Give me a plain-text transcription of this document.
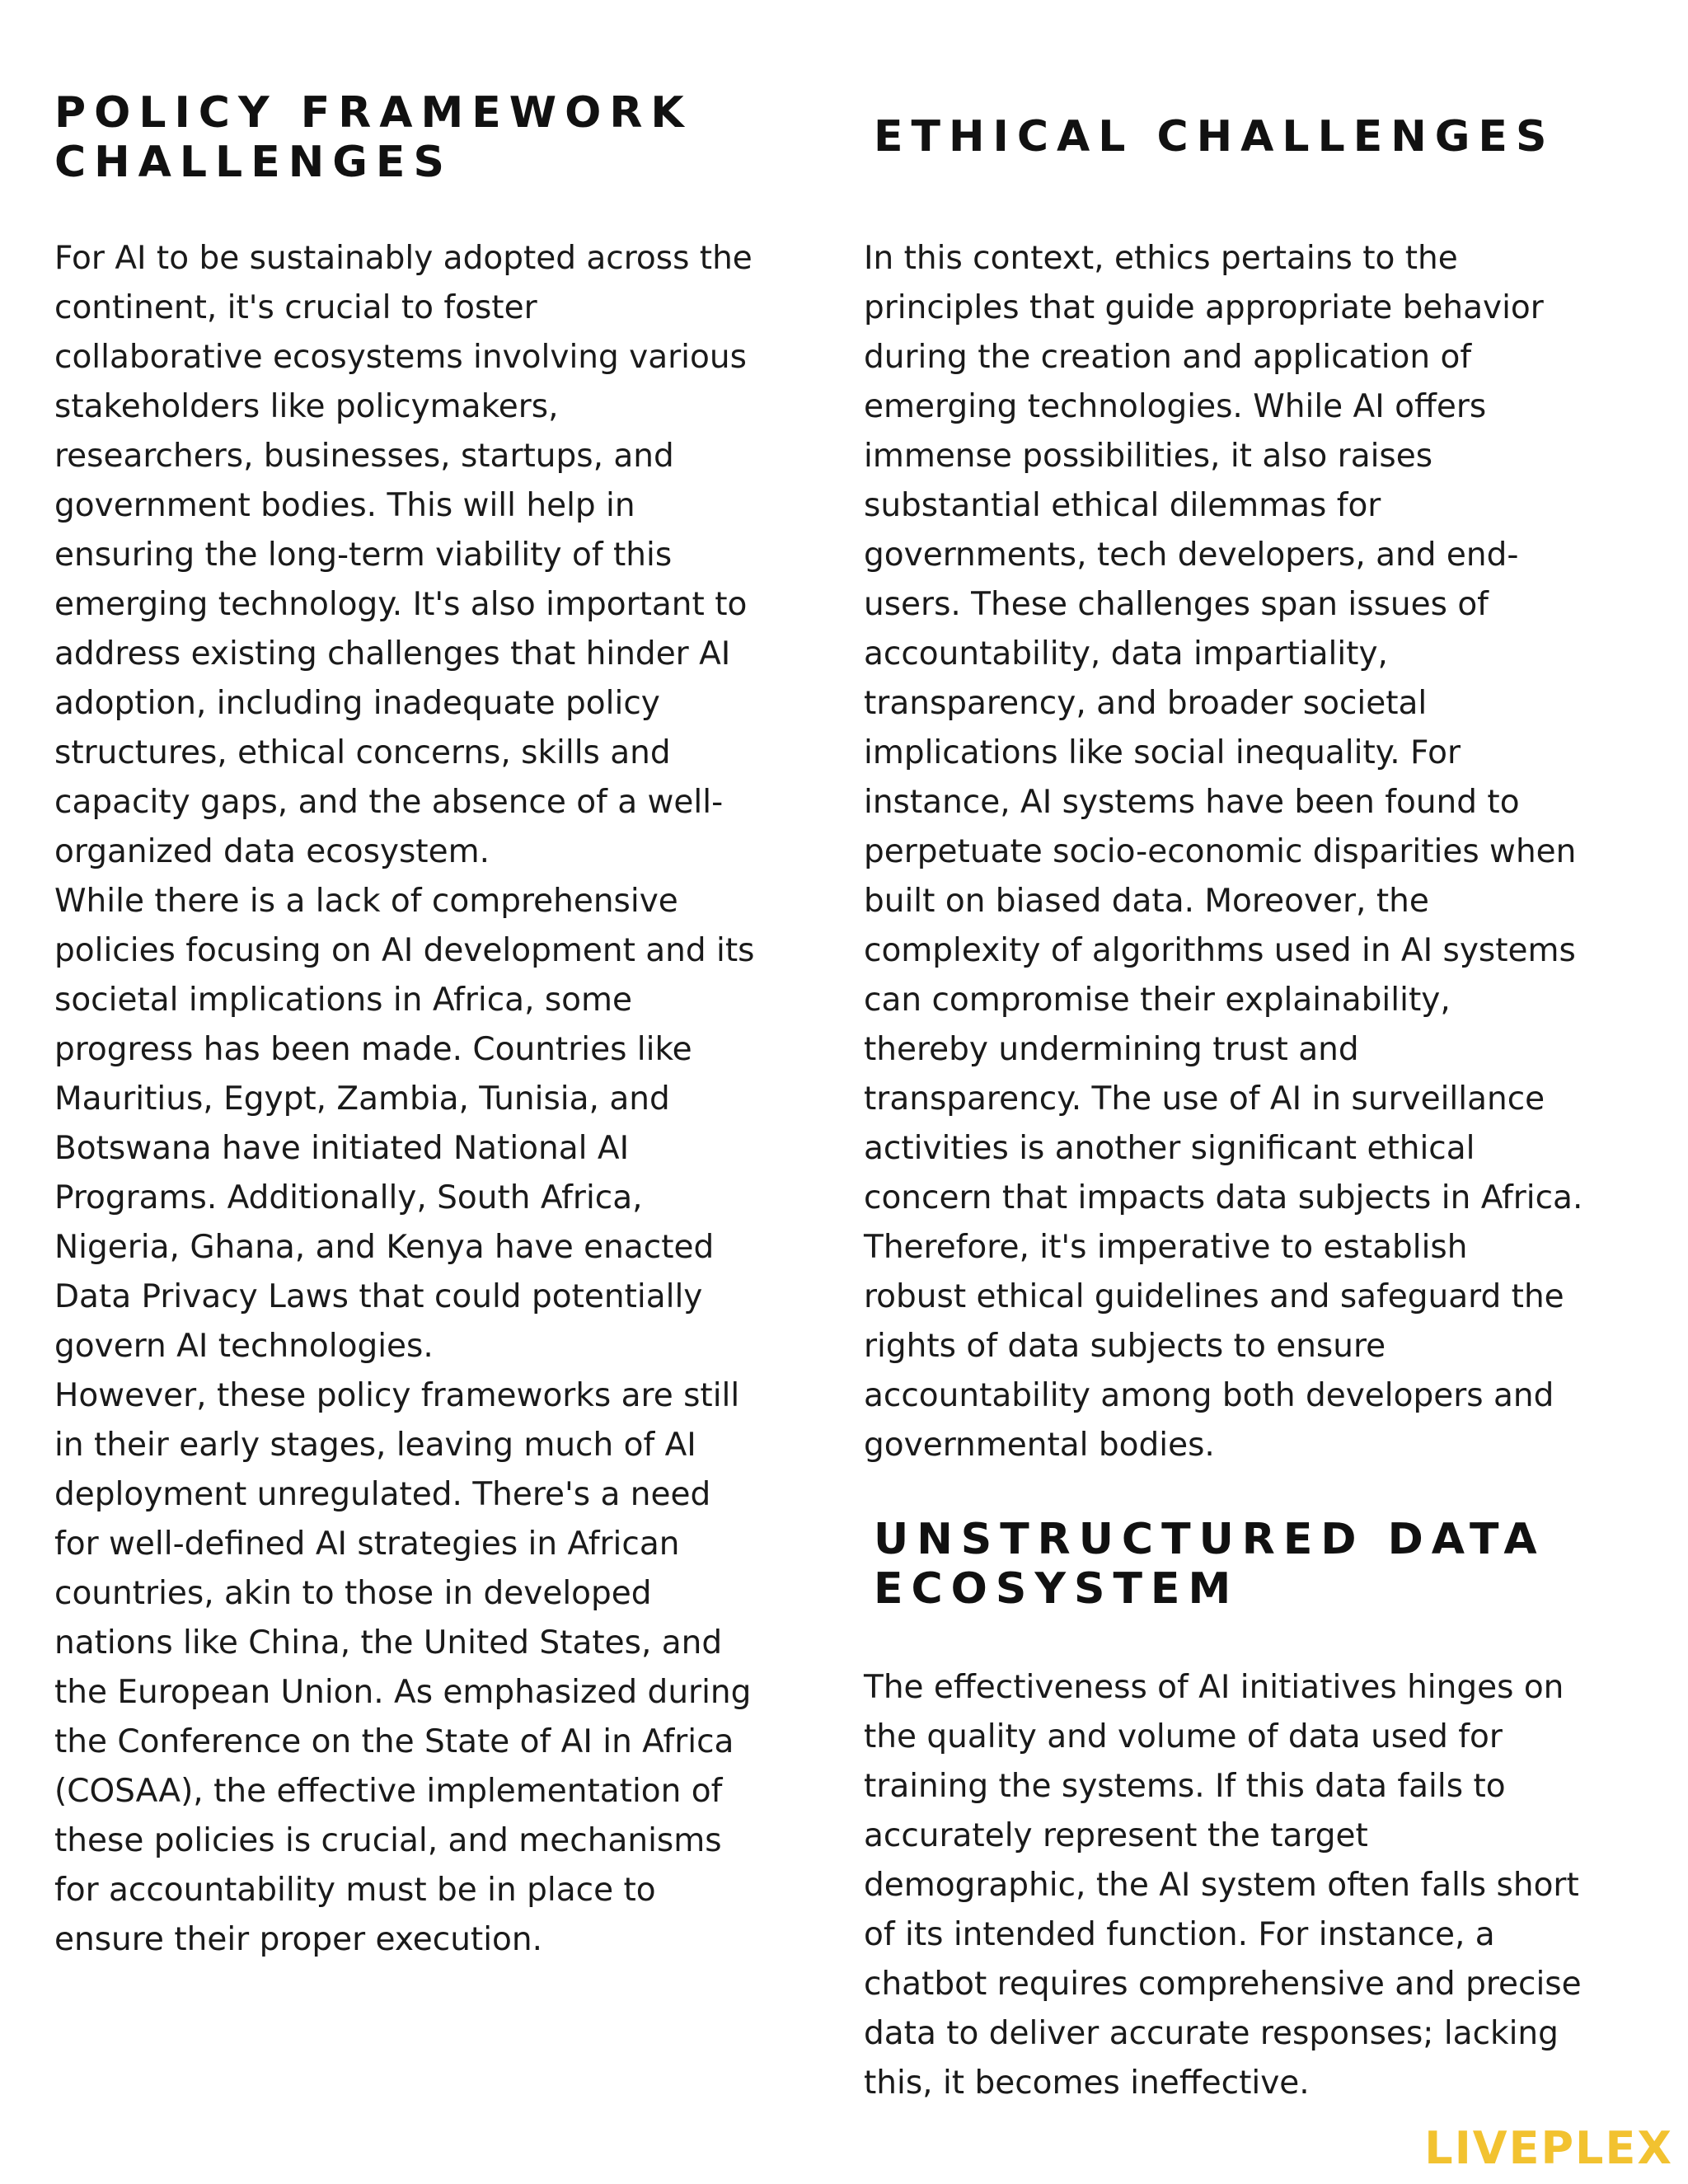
POLICY FRAMEWORK
CHALLENGES
For AI to be sustainably adopted across the
continent, it's crucial to foster
collaborative ecosystems involving various
stakeholders like policymakers,
researchers, businesses, startups, and
government bodies. This will help in
ensuring the long-term viability of this
emerging technology. It's also important to
address existing challenges that hinder AI
adoption, including inadequate policy
structures, ethical concerns, skills and
capacity gaps, and the absence of a well-
organized data ecosystem.
While there is a lack of comprehensive
policies focusing on AI development and its
societal implications in Africa, some
progress has been made. Countries like
Mauritius, Egypt, Zambia, Tunisia, and
Botswana have initiated National AI
Programs. Additionally, South Africa,
Nigeria, Ghana, and Kenya have enacted
Data Privacy Laws that could potentially
govern AI technologies.
However, these policy frameworks are still
in their early stages, leaving much of AI
deployment unregulated. There's a need
for well-defined AI strategies in African
countries, akin to those in developed
nations like China, the United States, and
the European Union. As emphasized during
the Conference on the State of AI in Africa
(COSAA), the effective implementation of
these policies is crucial, and mechanisms
for accountability must be in place to
ensure their proper execution.
ETHICAL CHALLENGES
In this context, ethics pertains to the
principles that guide appropriate behavior
during the creation and application of
emerging technologies. While AI offers
immense possibilities, it also raises
substantial ethical dilemmas for
governments, tech developers, and end-
users. These challenges span issues of
accountability, data impartiality,
transparency, and broader societal
implications like social inequality. For
instance, AI systems have been found to
perpetuate socio-economic disparities when
built on biased data. Moreover, the
complexity of algorithms used in AI systems
can compromise their explainability,
thereby undermining trust and
transparency. The use of AI in surveillance
activities is another significant ethical
concern that impacts data subjects in Africa.
Therefore, it's imperative to establish
robust ethical guidelines and safeguard the
rights of data subjects to ensure
accountability among both developers and
governmental bodies.
UNSTRUCTURED DATA
ECOSYSTEM
The effectiveness of AI initiatives hinges on
the quality and volume of data used for
training the systems. If this data fails to
accurately represent the target
demographic, the AI system often falls short
of its intended function. For instance, a
chatbot requires comprehensive and precise
data to deliver accurate responses; lacking
this, it becomes ineffective.
LIVEPLEX
